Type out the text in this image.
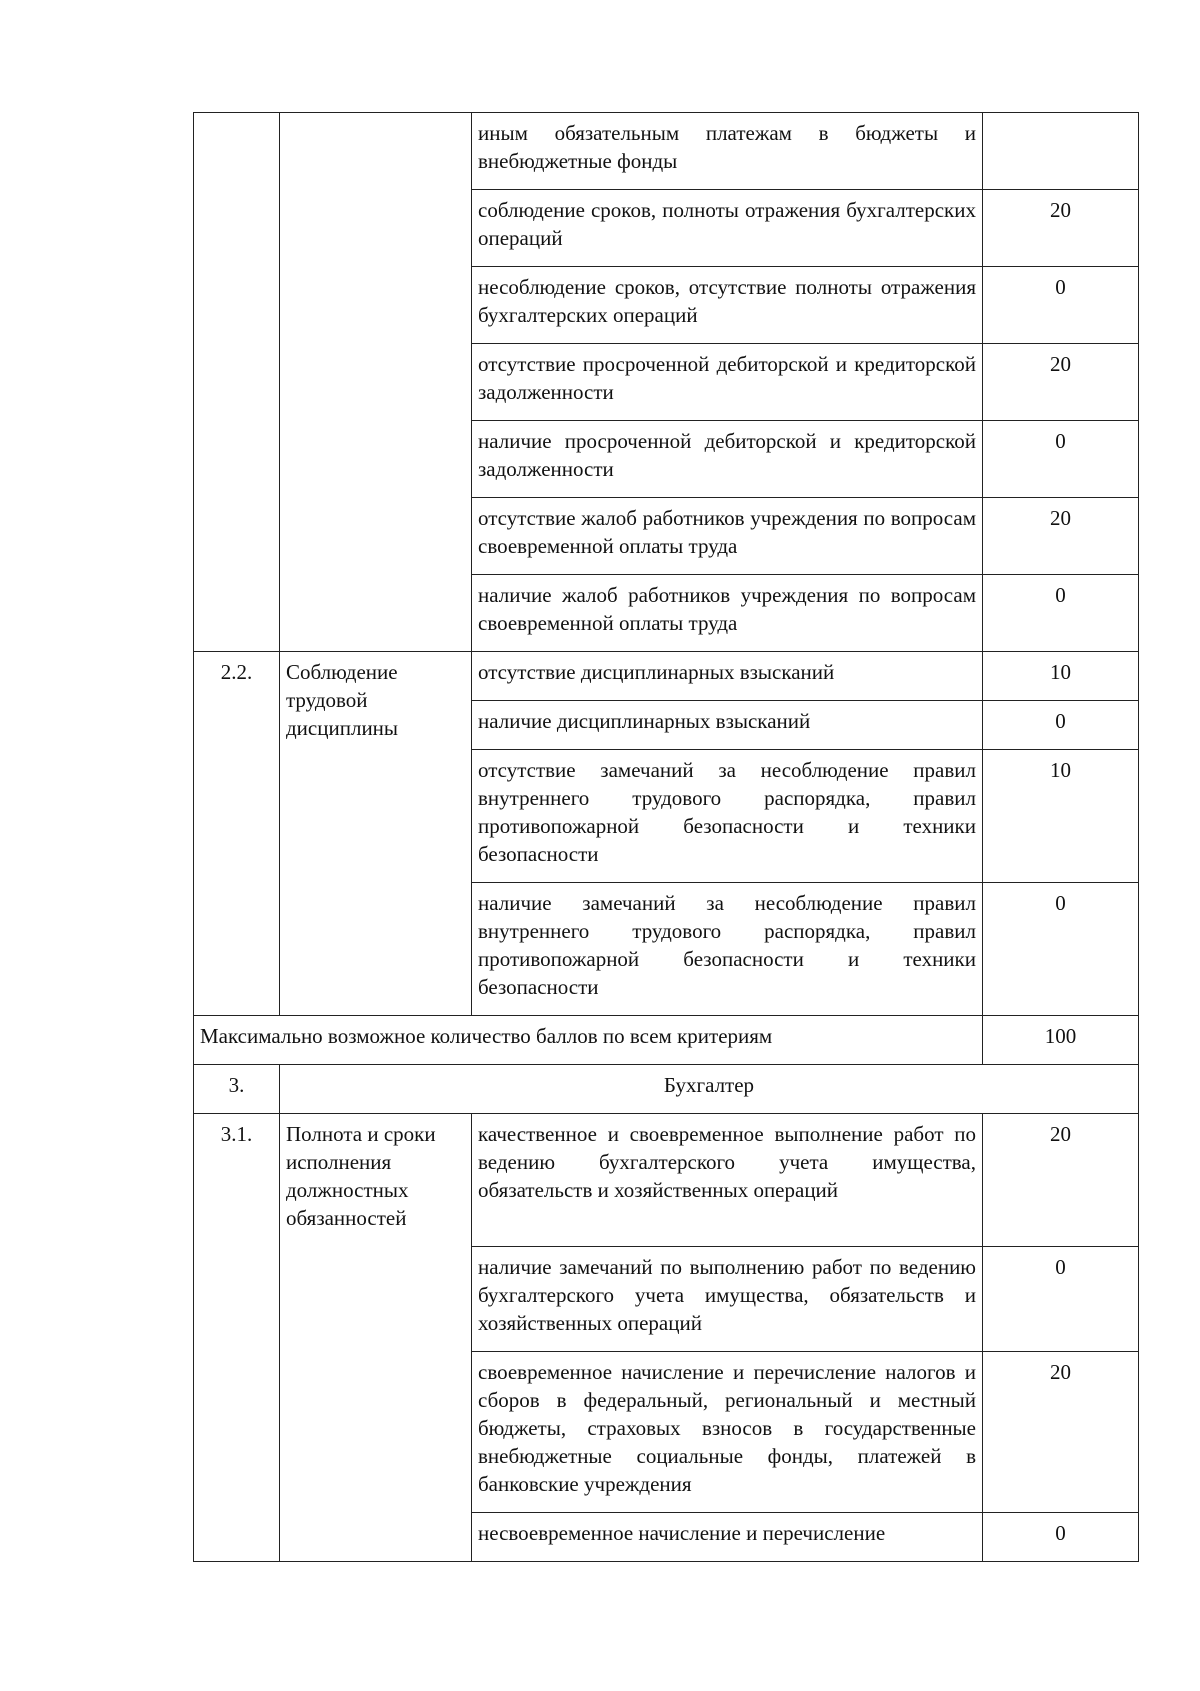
		иным обязательным платежам в бюджеты и внебюджетные фонды	
		соблюдение сроков, полноты отражения бухгалтерских операций	20
		несоблюдение сроков, отсутствие полноты отражения бухгалтерских операций	0
		отсутствие просроченной дебиторской и кредиторской задолженности	20
		наличие просроченной дебиторской и кредиторской задолженности	0
		отсутствие жалоб работников учреждения по вопросам своевременной оплаты труда	20
		наличие жалоб работников учреждения по вопросам своевременной оплаты труда	0
2.2.	Соблюдение трудовой дисциплины	отсутствие дисциплинарных взысканий	10
		наличие дисциплинарных взысканий	0
		отсутствие замечаний за несоблюдение правил внутреннего трудового распорядка, правил противопожарной безопасности и техники безопасности	10
		наличие замечаний за несоблюдение правил внутреннего трудового распорядка, правил противопожарной безопасности и техники безопасности	0
Максимально возможное количество баллов по всем критериям			100
3.	Бухгалтер		
3.1.	Полнота и сроки исполнения должностных обязанностей	качественное и своевременное выполнение работ по ведению бухгалтерского учета имущества, обязательств и хозяйственных операций	20
		наличие замечаний по выполнению работ по ведению бухгалтерского учета имущества, обязательств и хозяйственных операций	0
		своевременное начисление и перечисление налогов и сборов в федеральный, региональный и местный бюджеты, страховых взносов в государственные внебюджетные социальные фонды, платежей в банковские учреждения	20
		несвоевременное начисление и перечисление	0
